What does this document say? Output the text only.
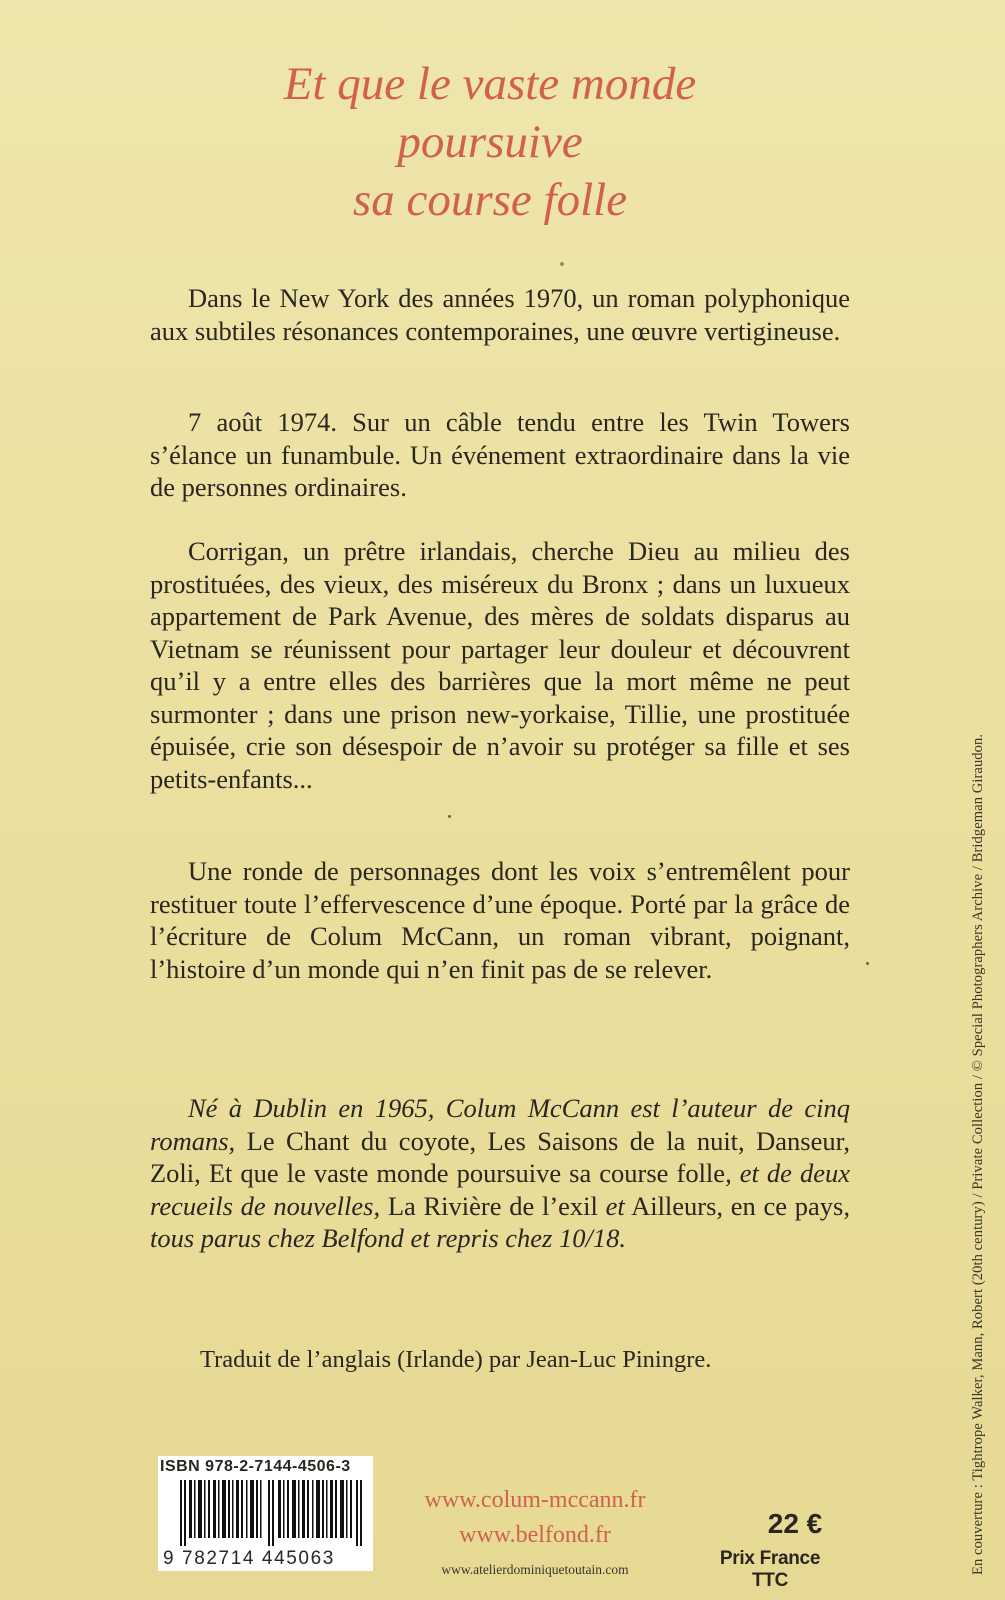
Et que le vaste monde
poursuive
sa course folle

Dans le New York des années 1970, un roman polyphonique aux subtiles résonances contemporaines, une œuvre vertigineuse.

7 août 1974. Sur un câble tendu entre les Twin Towers s’élance un funambule. Un événement extraordinaire dans la vie de personnes ordinaires.

Corrigan, un prêtre irlandais, cherche Dieu au milieu des prostituées, des vieux, des miséreux du Bronx ; dans un luxueux appartement de Park Avenue, des mères de soldats disparus au Vietnam se réunissent pour partager leur douleur et découvrent qu’il y a entre elles des barrières que la mort même ne peut surmonter ; dans une prison new-yorkaise, Tillie, une prostituée épuisée, crie son désespoir de n’avoir su protéger sa fille et ses petits-enfants...

Une ronde de personnages dont les voix s’entremêlent pour restituer toute l’effervescence d’une époque. Porté par la grâce de l’écriture de Colum McCann, un roman vibrant, poignant, l’histoire d’un monde qui n’en finit pas de se relever.

Né à Dublin en 1965, Colum McCann est l’auteur de cinq romans, Le Chant du coyote, Les Saisons de la nuit, Danseur, Zoli, Et que le vaste monde poursuive sa course folle, et de deux recueils de nouvelles, La Rivière de l’exil et Ailleurs, en ce pays, tous parus chez Belfond et repris chez 10/18.

Traduit de l’anglais (Irlande) par Jean-Luc Piningre.

ISBN 978-2-7144-4506-3
9 782714 445063
www.colum-mccann.fr
www.belfond.fr
www.atelierdominiquetoutain.com
22 €
Prix France TTC
En couverture : Tightrope Walker, Mann, Robert (20th century) / Private Collection / © Special Photographers Archive / Bridgeman Giraudon.
